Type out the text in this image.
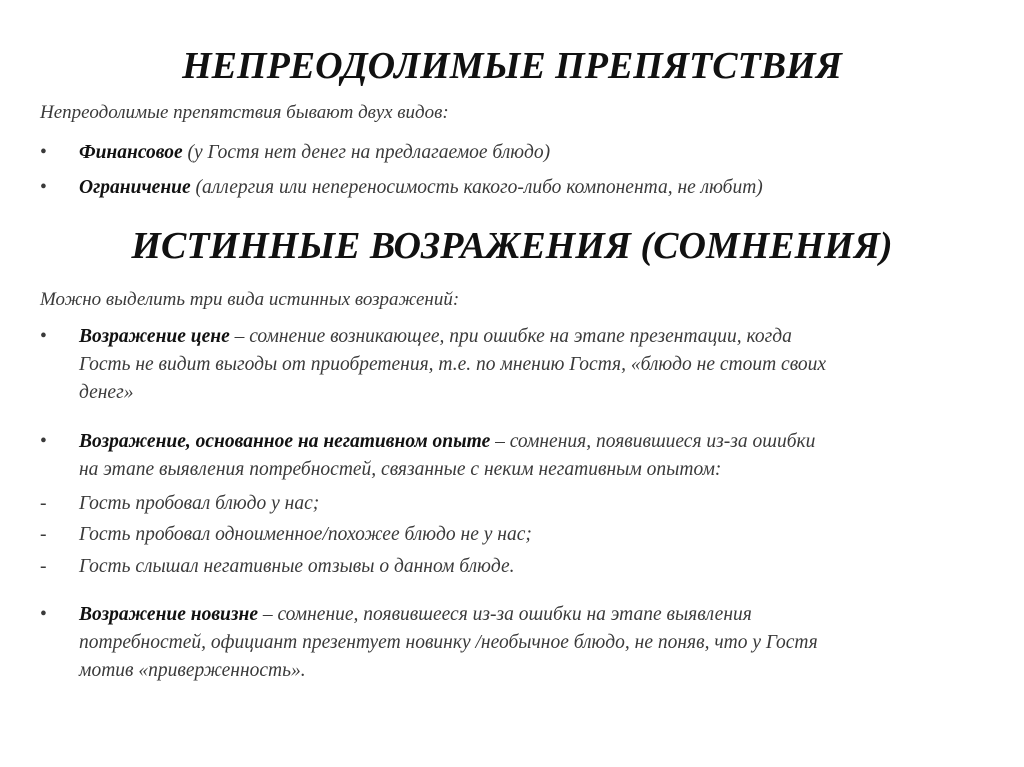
НЕПРЕОДОЛИМЫЕ ПРЕПЯТСТВИЯ
Непреодолимые препятствия бывают двух видов:
• Финансовое (у Гостя нет денег на предлагаемое блюдо)
• Ограничение (аллергия или непереносимость какого-либо компонента, не любит)
ИСТИННЫЕ ВОЗРАЖЕНИЯ (СОМНЕНИЯ)
Можно выделить три вида истинных возражений:
• Возражение цене – сомнение возникающее, при ошибке на этапе презентации, когда
Гость не видит выгоды от приобретения, т.е. по мнению Гостя, «блюдо не стоит своих
денег»
• Возражение, основанное на негативном опыте – сомнения, появившиеся из-за ошибки
на этапе выявления потребностей, связанные с неким негативным опытом:
- Гость пробовал блюдо у нас;
- Гость пробовал одноименное/похожее блюдо не у нас;
- Гость слышал негативные отзывы о данном блюде.
• Возражение новизне – сомнение, появившееся из-за ошибки на этапе выявления
потребностей, официант презентует новинку /необычное блюдо, не поняв, что у Гостя
мотив «приверженность».
